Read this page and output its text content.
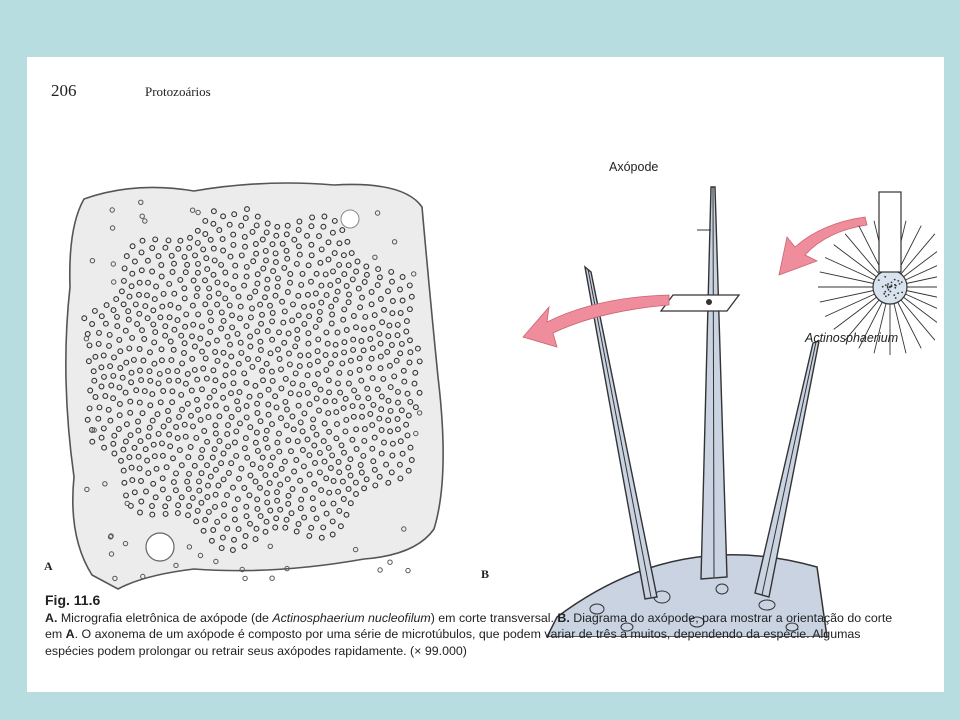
206	Protozoários
A
B
Axópode
Actinosphaerium
Fig. 11.6
A. Micrografia eletrônica de axópode (de Actinosphaerium nucleofilum) em corte transversal. B. Diagrama do axópode, para mostrar a orientação do corte em A. O axonema de um axópode é composto por uma série de microtúbulos, que podem variar de três a muitos, dependendo da espécie. Algumas espécies podem prolongar ou retrair seus axópodes rapidamente. (× 99.000)
